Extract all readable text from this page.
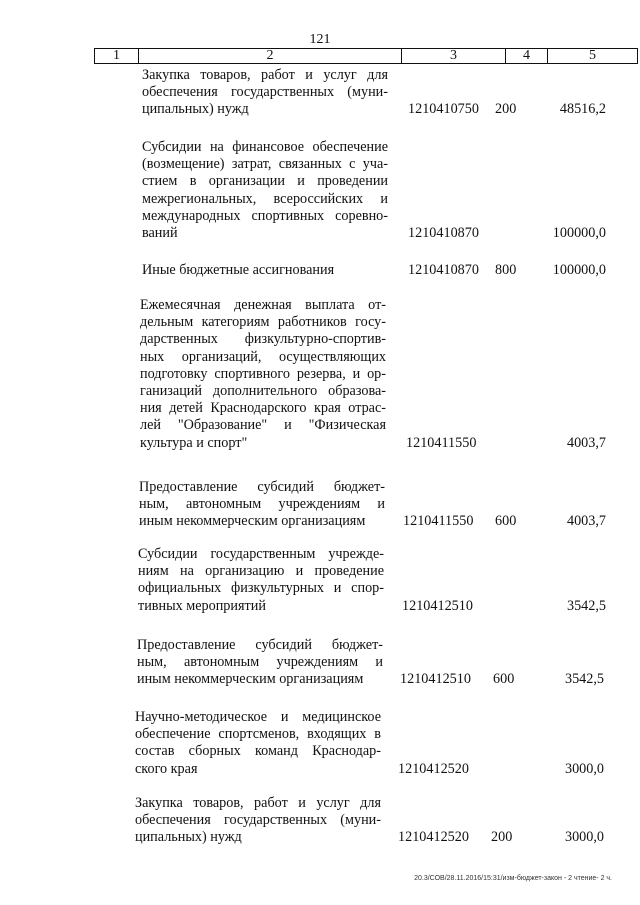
121
1	2	3	4	5
Закупка товаров, работ и услуг для
обеспечения государственных (муни-
ципальных) нужд	1210410750 200	48516,2
Субсидии на финансовое обеспечение
(возмещение) затрат, связанных с уча-
стием в организации и проведении
межрегиональных, всероссийских и
международных спортивных соревно-
ваний	1210410870	100000,0
Иные бюджетные ассигнования	1210410870 800	100000,0
Ежемесячная денежная выплата от-
дельным категориям работников госу-
дарственных физкультурно-спортив-
ных организаций, осуществляющих
подготовку спортивного резерва, и ор-
ганизаций дополнительного образова-
ния детей Краснодарского края отрас-
лей "Образование" и "Физическая
культура и спорт"	1210411550	4003,7
Предоставление субсидий бюджет-
ным, автономным учреждениям и
иным некоммерческим организациям	1210411550 600	4003,7
Субсидии государственным учрежде-
ниям на организацию и проведение
официальных физкультурных и спор-
тивных мероприятий	1210412510	3542,5
Предоставление субсидий бюджет-
ным, автономным учреждениям и
иным некоммерческим организациям	1210412510 600	3542,5
Научно-методическое и медицинское
обеспечение спортсменов, входящих в
состав сборных команд Краснодар-
ского края	1210412520	3000,0
Закупка товаров, работ и услуг для
обеспечения государственных (муни-
ципальных) нужд	1210412520 200	3000,0
20.3/СОВ/28.11.2016/15:31/изм-бюджет-закон - 2 чтение- 2 ч.
